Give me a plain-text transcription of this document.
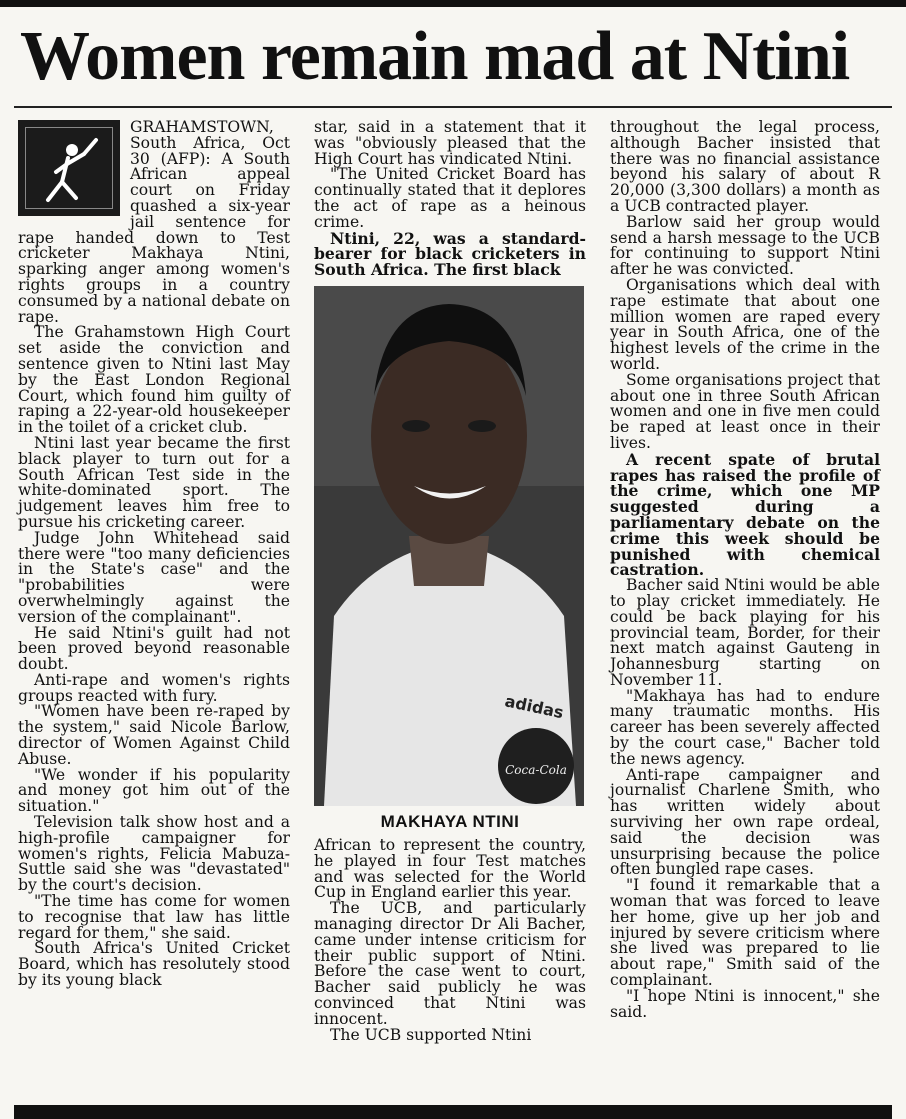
Women remain mad at Ntini

GRAHAMSTOWN, South Africa, Oct 30 (AFP): A South African appeal court on Friday quashed a six-year jail sentence for rape handed down to Test cricketer Makhaya Ntini, sparking anger among women's rights groups in a country consumed by a national debate on rape.

The Grahamstown High Court set aside the conviction and sentence given to Ntini last May by the East London Regional Court, which found him guilty of raping a 22-year-old housekeeper in the toilet of a cricket club.

Ntini last year became the first black player to turn out for a South African Test side in the white-dominated sport. The judgement leaves him free to pursue his cricketing career.

Judge John Whitehead said there were "too many deficiencies in the State's case" and the "probabilities were overwhelmingly against the version of the complainant".

He said Ntini's guilt had not been proved beyond reasonable doubt.

Anti-rape and women's rights groups reacted with fury.

"Women have been re-raped by the system," said Nicole Barlow, director of Women Against Child Abuse.

"We wonder if his popularity and money got him out of the situation."

Television talk show host and a high-profile campaigner for women's rights, Felicia Mabuza-Suttle said she was "devastated" by the court's decision.

"The time has come for women to recognise that law has little regard for them," she said.

South Africa's United Cricket Board, which has resolutely stood by its young black

star, said in a statement that it was "obviously pleased that the High Court has vindicated Ntini.

"The United Cricket Board has continually stated that it deplores the act of rape as a heinous crime.

Ntini, 22, was a standard-bearer for black cricketers in South Africa. The first black

adidas
Coca-Cola
MAKHAYA NTINI

African to represent the country, he played in four Test matches and was selected for the World Cup in England earlier this year.

The UCB, and particularly managing director Dr Ali Bacher, came under intense criticism for their public support of Ntini. Before the case went to court, Bacher said publicly he was convinced that Ntini was innocent.

The UCB supported Ntini

throughout the legal process, although Bacher insisted that there was no financial assistance beyond his salary of about R 20,000 (3,300 dollars) a month as a UCB contracted player.

Barlow said her group would send a harsh message to the UCB for continuing to support Ntini after he was convicted.

Organisations which deal with rape estimate that about one million women are raped every year in South Africa, one of the highest levels of the crime in the world.

Some organisations project that about one in three South African women and one in five men could be raped at least once in their lives.

A recent spate of brutal rapes has raised the profile of the crime, which one MP suggested during a parliamentary debate on the crime this week should be punished with chemical castration.

Bacher said Ntini would be able to play cricket immediately. He could be back playing for his provincial team, Border, for their next match against Gauteng in Johannesburg starting on November 11.

"Makhaya has had to endure many traumatic months. His career has been severely affected by the court case," Bacher told the news agency.

Anti-rape campaigner and journalist Charlene Smith, who has written widely about surviving her own rape ordeal, said the decision was unsurprising because the police often bungled rape cases.

"I found it remarkable that a woman that was forced to leave her home, give up her job and injured by severe criticism where she lived was prepared to lie about rape," Smith said of the complainant.

"I hope Ntini is innocent," she said.
